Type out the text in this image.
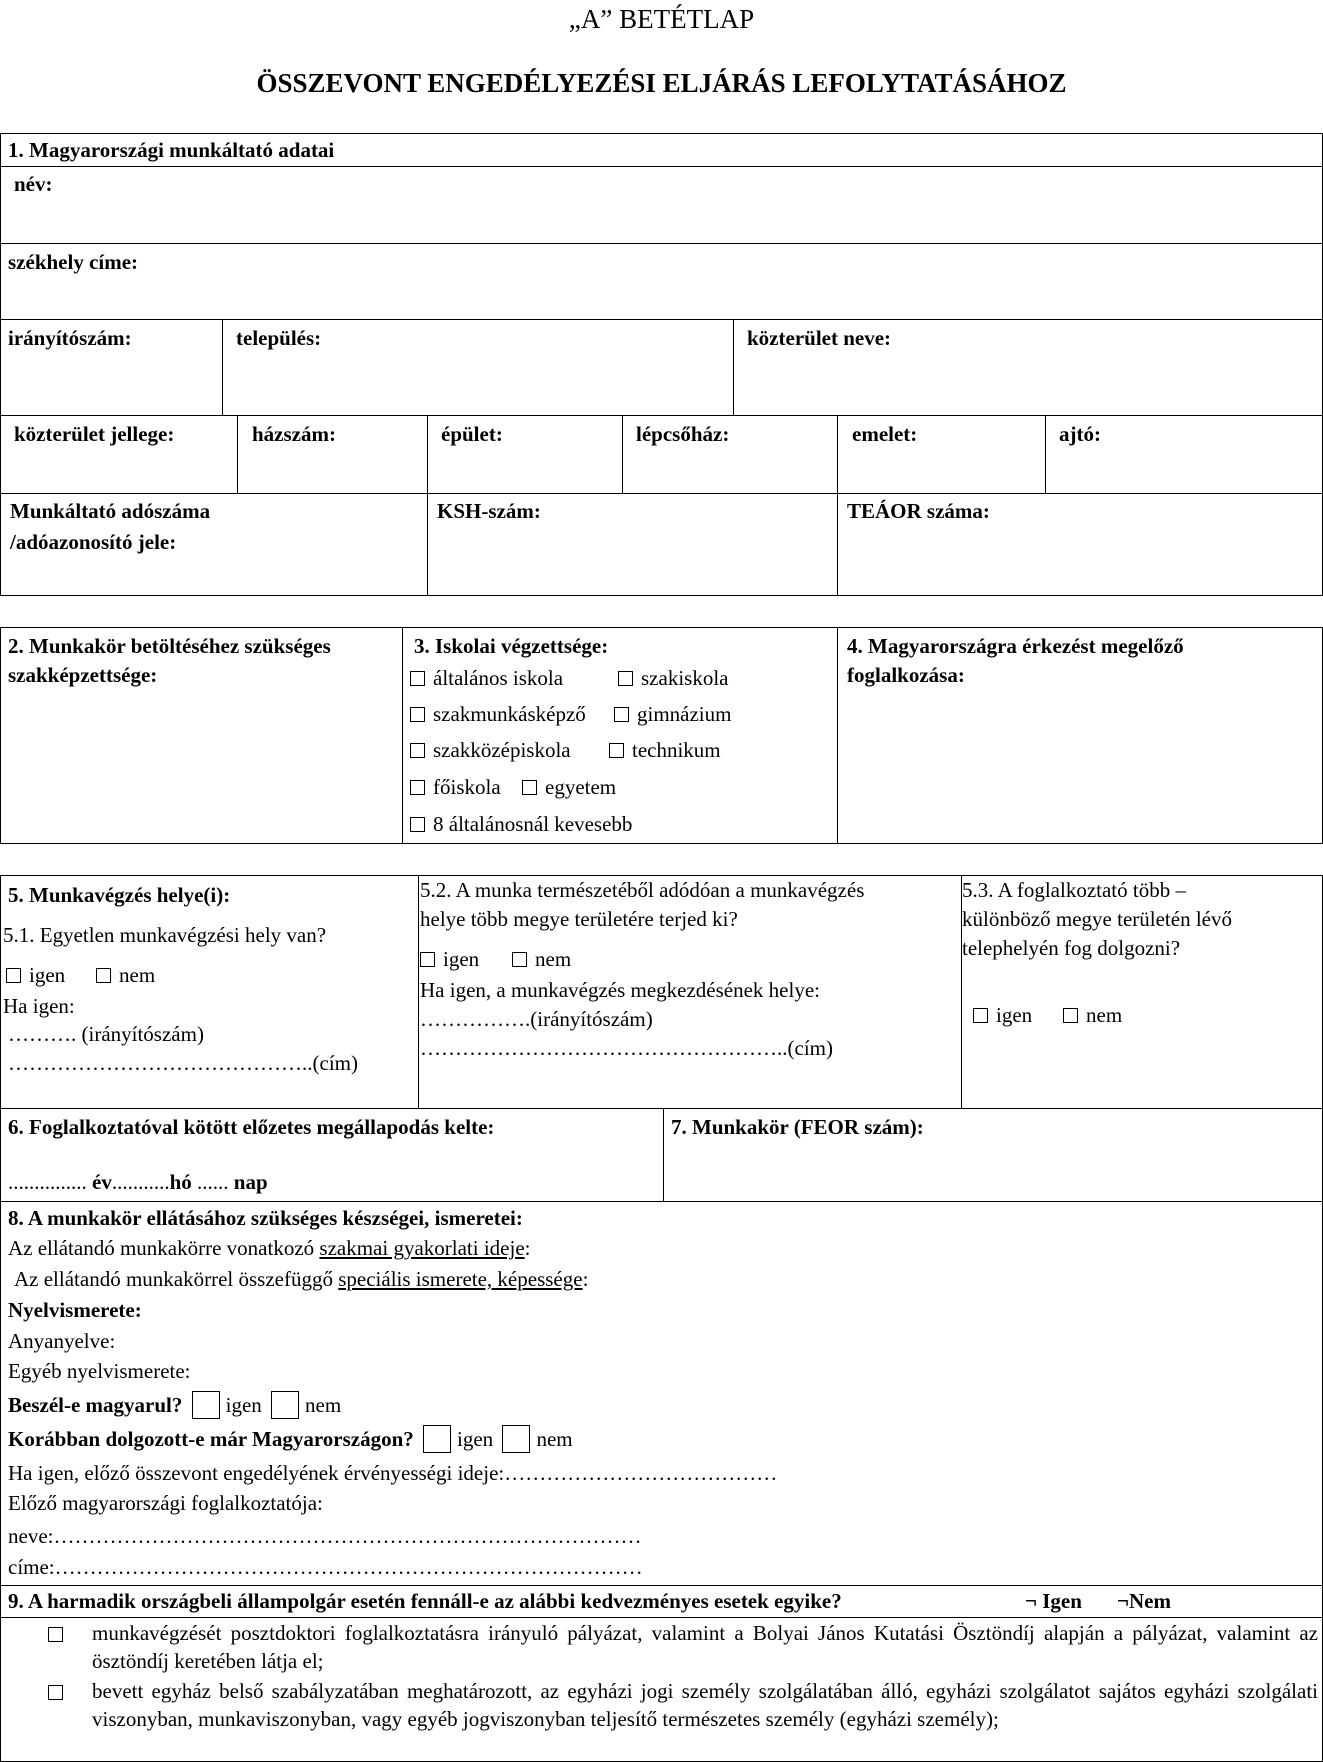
„A” BETÉTLAP
ÖSSZEVONT ENGEDÉLYEZÉSI ELJÁRÁS LEFOLYTATÁSÁHOZ
1. Magyarországi munkáltató adatai
név:
székhely címe:
irányítószám:	település:	közterület neve:
közterület jellege:	házszám:	épület:	lépcsőház:	emelet:	ajtó:
Munkáltató adószáma
/adóazonosító jele:
KSH-szám:	TEÁOR száma:
2. Munkakör betöltéséhez szükséges
szakképzettsége:
3. Iskolai végzettsége:
általános iskola	szakiskola
szakmunkásképző	gimnázium
szakközépiskola	technikum
főiskola	egyetem
8 általánosnál kevesebb
4. Magyarországra érkezést megelőző
foglalkozása:
5. Munkavégzés helye(i):
5.1. Egyetlen munkavégzési hely van?
igen	nem
Ha igen:
………. (irányítószám)
……………………………………..(cím)
5.2. A munka természetéből adódóan a munkavégzés
helye több megye területére terjed ki?
igen	nem
Ha igen, a munkavégzés megkezdésének helye:
…………….(irányítószám)
……………………………………………..(cím)
5.3. A foglalkoztató több –
különböző megye területén lévő
telephelyén fog dolgozni?
igen	nem
6. Foglalkoztatóval kötött előzetes megállapodás kelte:
............... év...........hó ...... nap
7. Munkakör (FEOR szám):
8. A munkakör ellátásához szükséges készségei, ismeretei:
Az ellátandó munkakörre vonatkozó szakmai gyakorlati ideje:
Az ellátandó munkakörrel összefüggő speciális ismerete, képessége:
Nyelvismerete:
Anyanyelve:
Egyéb nyelvismerete:
Beszél-e magyarul? igen nem
Korábban dolgozott-e már Magyarországon? igen nem
Ha igen, előző összevont engedélyének érvényességi ideje:…………………………………
Előző magyarországi foglalkoztatója:
neve:…………………………………………………………………………
címe:…………………………………………………………………………
9. A harmadik országbeli állampolgár esetén fennáll-e az alábbi kedvezményes esetek egyike?	¬ Igen ¬Nem
munkavégzését posztdoktori foglalkoztatásra irányuló pályázat, valamint a Bolyai János Kutatási Ösztöndíj alapján a pályázat, valamint az ösztöndíj keretében látja el;
bevett egyház belső szabályzatában meghatározott, az egyházi jogi személy szolgálatában álló, egyházi szolgálatot sajátos egyházi szolgálati viszonyban, munkaviszonyban, vagy egyéb jogviszonyban teljesítő természetes személy (egyházi személy);
